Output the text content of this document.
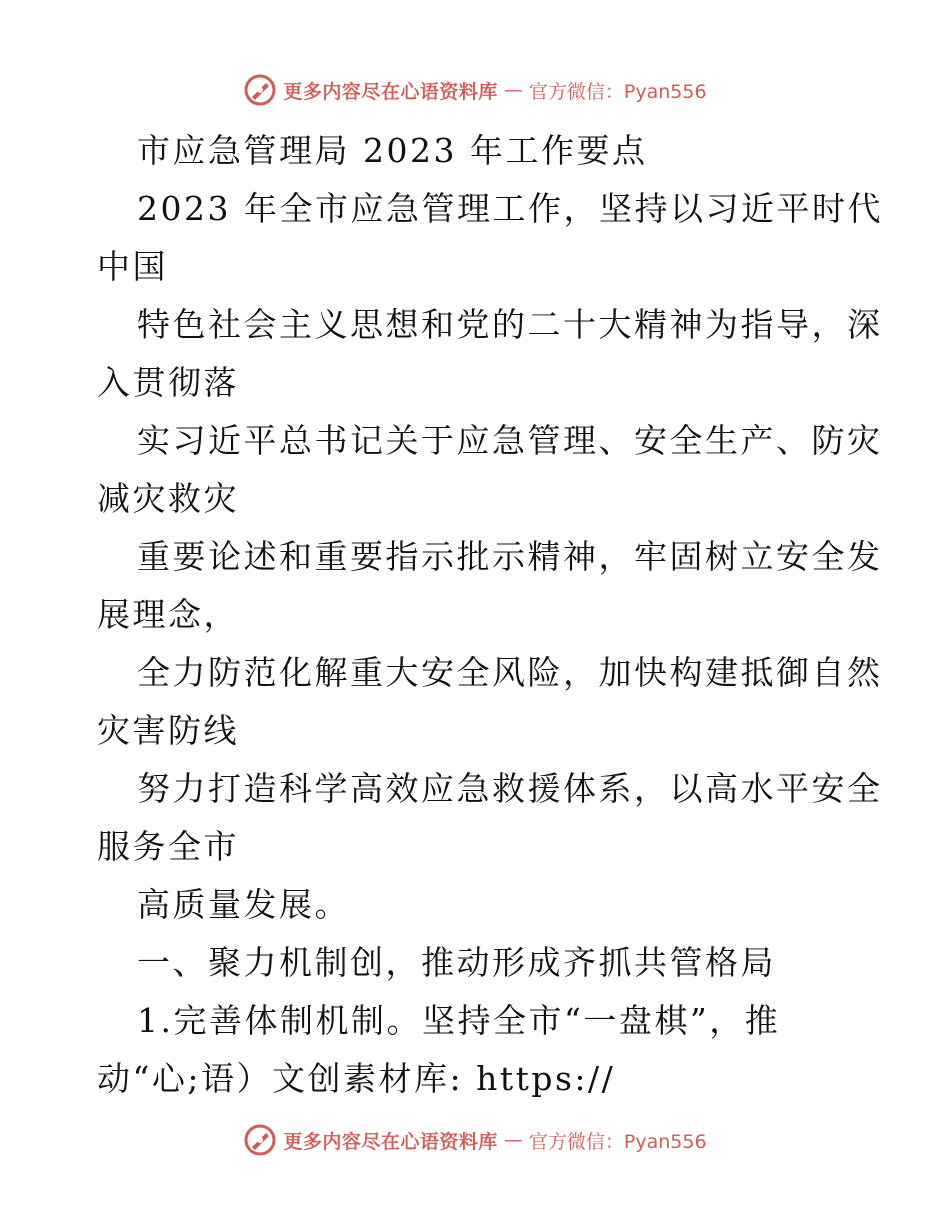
更多内容尽在心语资料库 — 官方微信：Pyan556
市应急管理局 2023 年工作要点
2023 年全市应急管理工作，坚持以习近平时代
中国
特色社会主义思想和党的二十大精神为指导，深
入贯彻落
实习近平总书记关于应急管理、安全生产、防灾
减灾救灾
重要论述和重要指示批示精神，牢固树立安全发
展理念，
全力防范化解重大安全风险，加快构建抵御自然
灾害防线
努力打造科学高效应急救援体系，以高水平安全
服务全市
高质量发展。
一、聚力机制创，推动形成齐抓共管格局
1.完善体制机制。坚持全市“一盘棋”，推
动“心;语）文创素材库: https://
更多内容尽在心语资料库 — 官方微信：Pyan556
